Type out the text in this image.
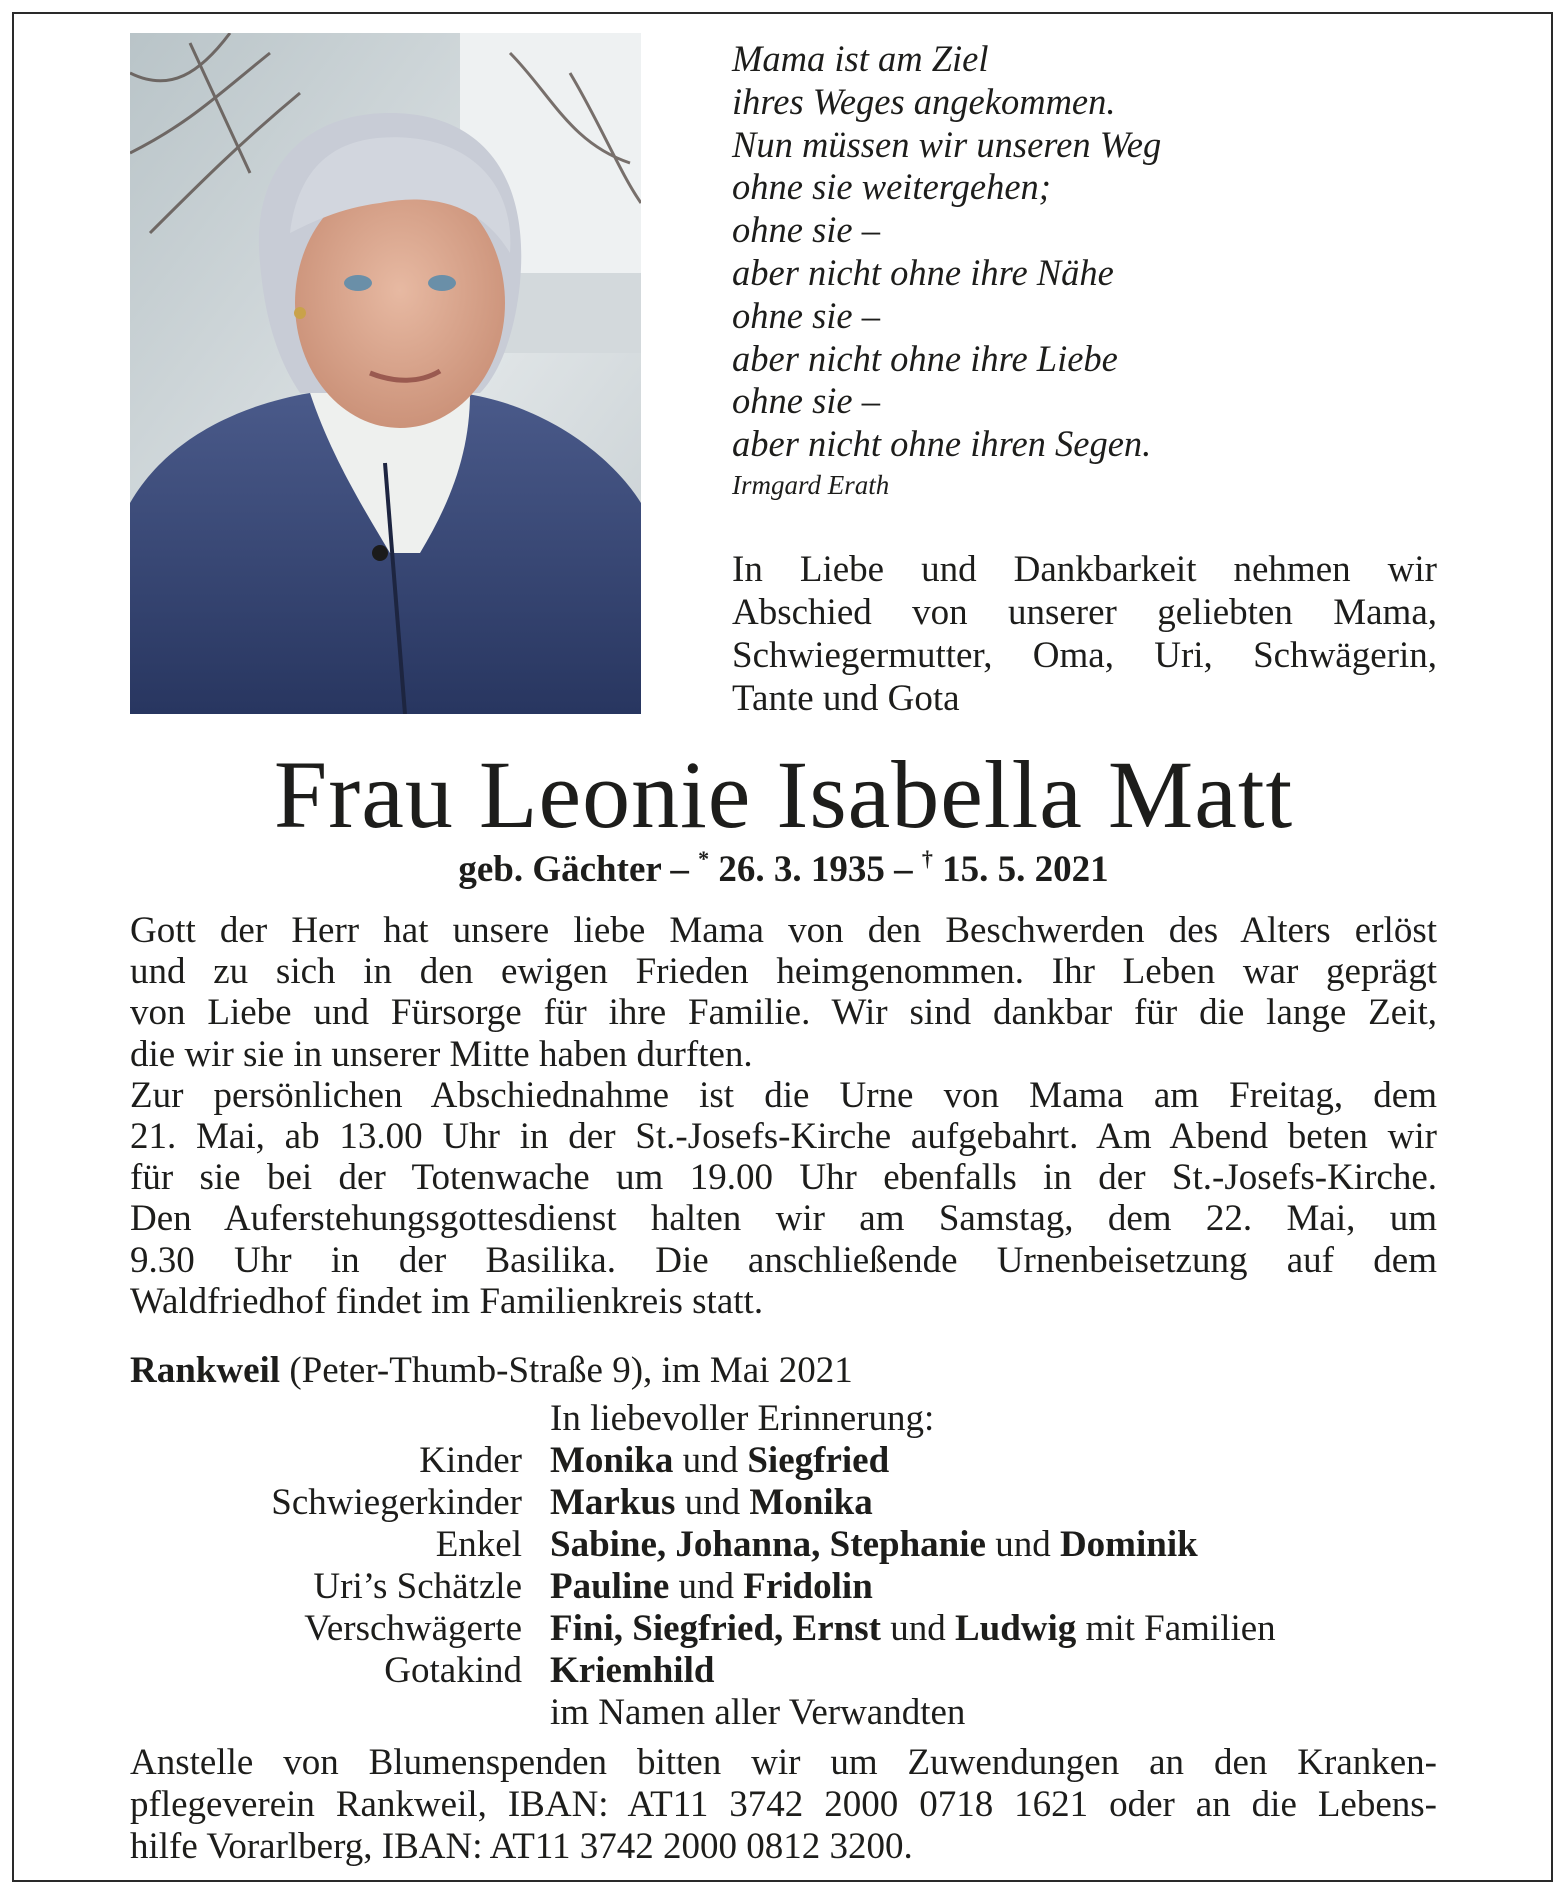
Mama ist am Ziel
ihres Weges angekommen.
Nun müssen wir unseren Weg
ohne sie weitergehen;
ohne sie –
aber nicht ohne ihre Nähe
ohne sie –
aber nicht ohne ihre Liebe
ohne sie –
aber nicht ohne ihren Segen.
Irmgard Erath
In Liebe und Dankbarkeit nehmen wir
Abschied von unserer geliebten Mama,
Schwiegermutter, Oma, Uri, Schwägerin,
Tante und Gota
Frau Leonie Isabella Matt
geb. Gächter – * 26. 3. 1935 – † 15. 5. 2021
Gott der Herr hat unsere liebe Mama von den Beschwerden des Alters erlöst
und zu sich in den ewigen Frieden heimgenommen. Ihr Leben war geprägt
von Liebe und Fürsorge für ihre Familie. Wir sind dankbar für die lange Zeit,
die wir sie in unserer Mitte haben durften.
Zur persönlichen Abschiednahme ist die Urne von Mama am Freitag, dem
21. Mai, ab 13.00 Uhr in der St.-Josefs-Kirche aufgebahrt. Am Abend beten wir
für sie bei der Totenwache um 19.00 Uhr ebenfalls in der St.-Josefs-Kirche.
Den Auferstehungsgottesdienst halten wir am Samstag, dem 22. Mai, um
9.30 Uhr in der Basilika. Die anschließende Urnenbeisetzung auf dem
Waldfriedhof findet im Familienkreis statt.
Rankweil (Peter-Thumb-Straße 9), im Mai 2021
In liebevoller Erinnerung:
Kinder Monika und Siegfried
Schwiegerkinder Markus und Monika
Enkel Sabine, Johanna, Stephanie und Dominik
Uri’s Schätzle Pauline und Fridolin
Verschwägerte Fini, Siegfried, Ernst und Ludwig mit Familien
Gotakind Kriemhild
im Namen aller Verwandten
Anstelle von Blumenspenden bitten wir um Zuwendungen an den Kranken-
pflegeverein Rankweil, IBAN: AT11 3742 2000 0718 1621 oder an die Lebens-
hilfe Vorarlberg, IBAN: AT11 3742 2000 0812 3200.
